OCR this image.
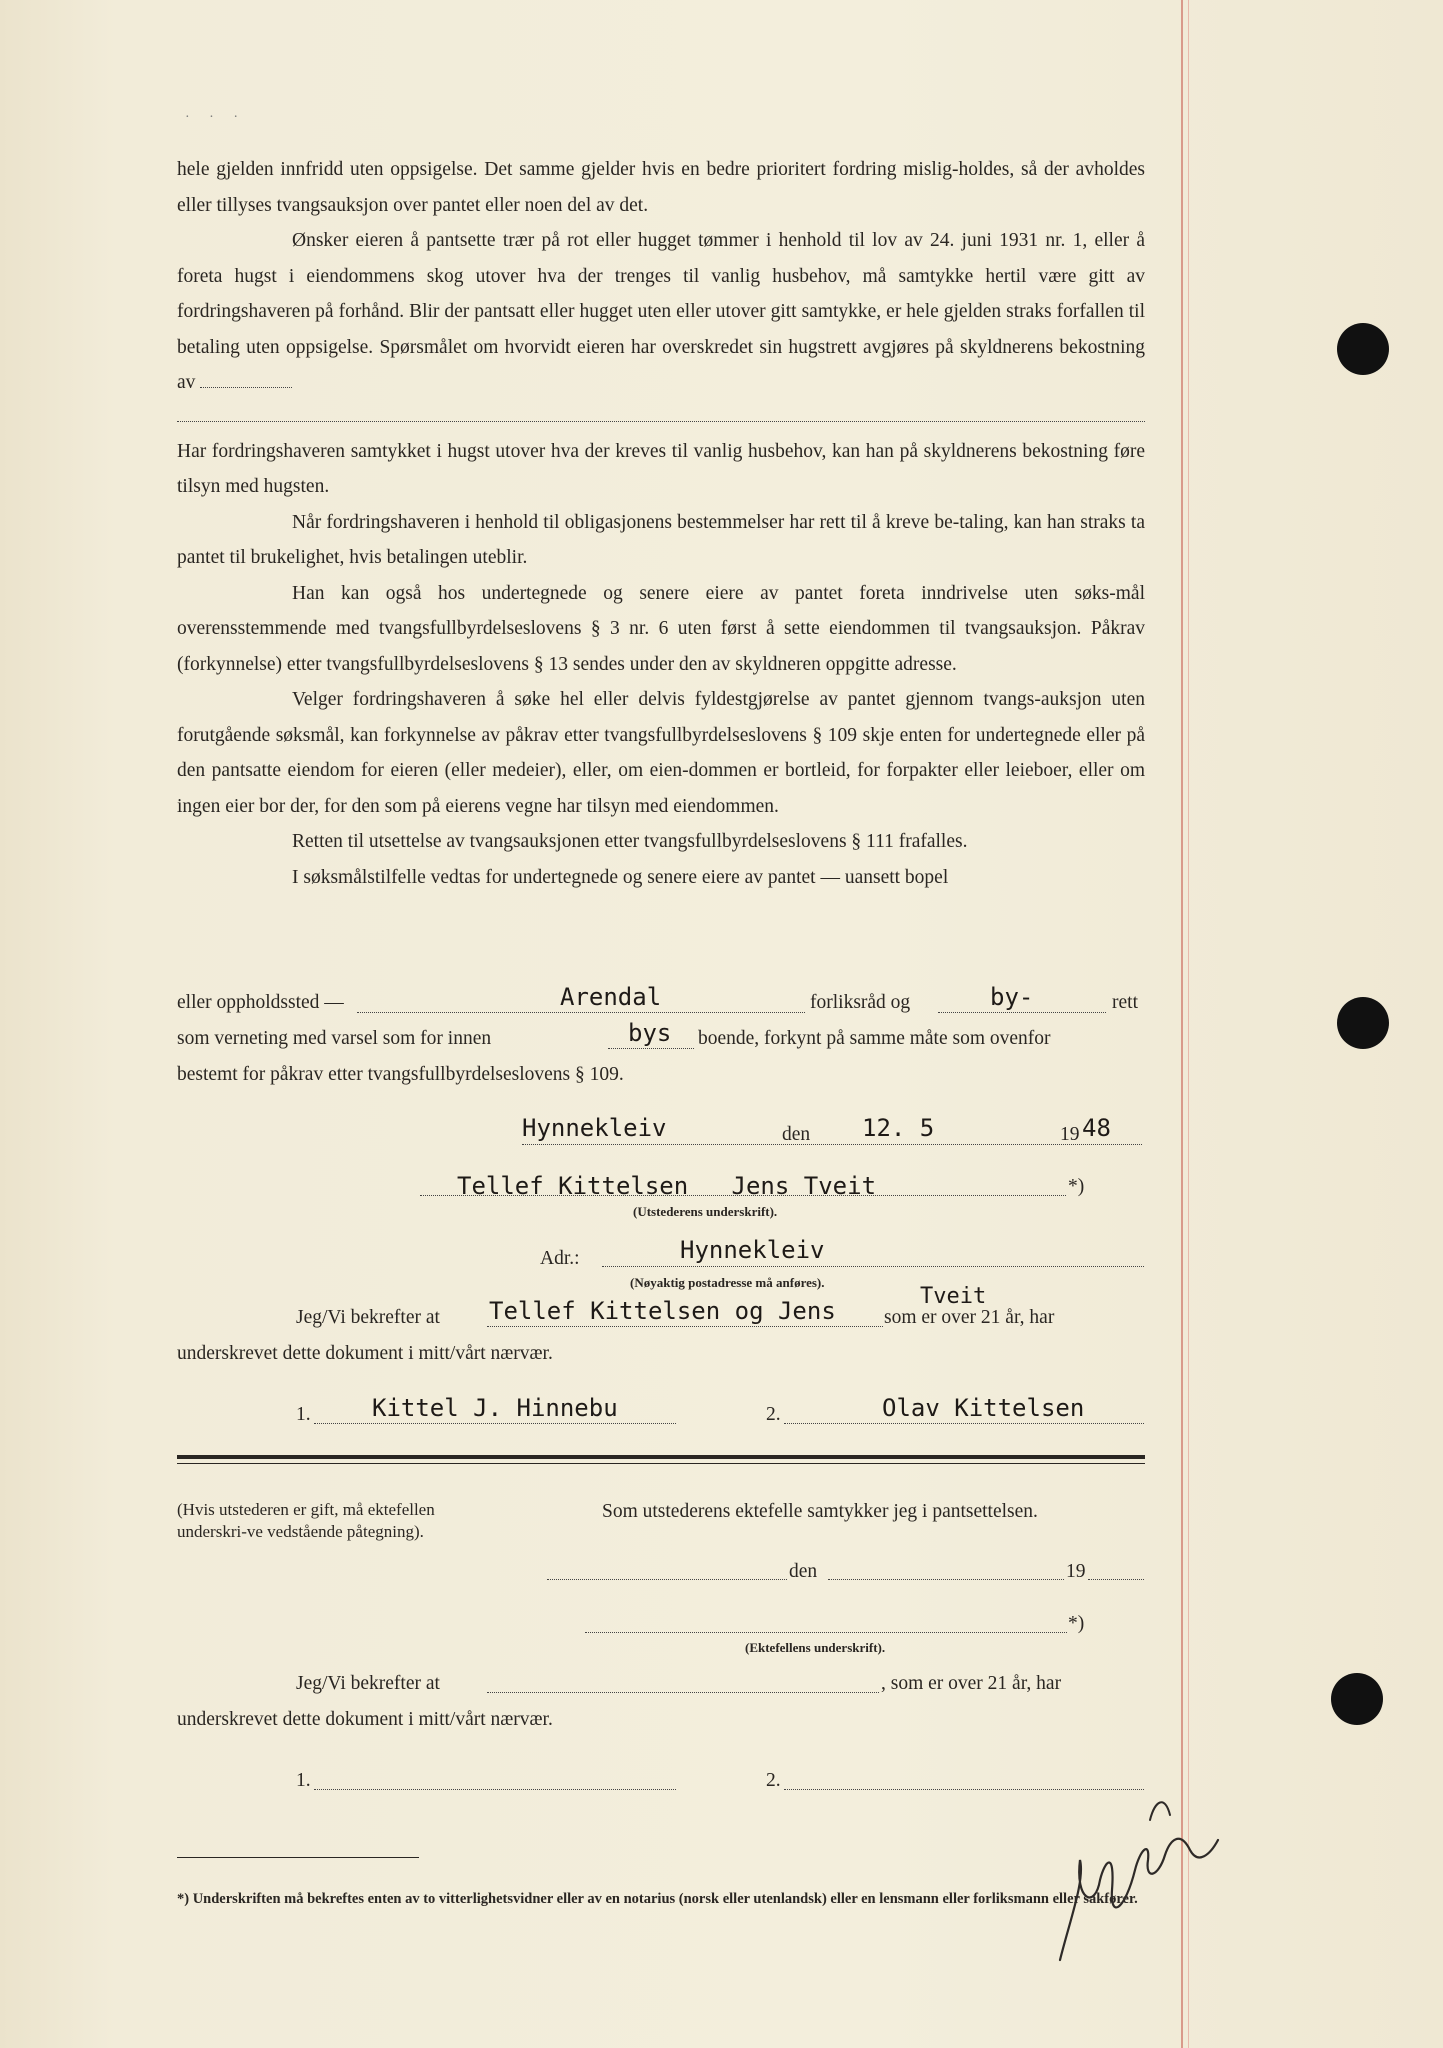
· · ·

hele gjelden innfridd uten oppsigelse. Det samme gjelder hvis en bedre prioritert fordring mislig-holdes, så der avholdes eller tillyses tvangsauksjon over pantet eller noen del av det.

Ønsker eieren å pantsette trær på rot eller hugget tømmer i henhold til lov av 24. juni 1931 nr. 1, eller å foreta hugst i eiendommens skog utover hva der trenges til vanlig husbehov, må samtykke hertil være gitt av fordringshaveren på forhånd. Blir der pantsatt eller hugget uten eller utover gitt samtykke, er hele gjelden straks forfallen til betaling uten oppsigelse. Spørsmålet om hvorvidt eieren har overskredet sin hugstrett avgjøres på skyldnerens bekostning av

Har fordringshaveren samtykket i hugst utover hva der kreves til vanlig husbehov, kan han på skyldnerens bekostning føre tilsyn med hugsten.

Når fordringshaveren i henhold til obligasjonens bestemmelser har rett til å kreve be-taling, kan han straks ta pantet til brukelighet, hvis betalingen uteblir.

Han kan også hos undertegnede og senere eiere av pantet foreta inndrivelse uten søks-mål overensstemmende med tvangsfullbyrdelseslovens § 3 nr. 6 uten først å sette eiendommen til tvangsauksjon. Påkrav (forkynnelse) etter tvangsfullbyrdelseslovens § 13 sendes under den av skyldneren oppgitte adresse.

Velger fordringshaveren å søke hel eller delvis fyldestgjørelse av pantet gjennom tvangs-auksjon uten forutgående søksmål, kan forkynnelse av påkrav etter tvangsfullbyrdelseslovens § 109 skje enten for undertegnede eller på den pantsatte eiendom for eieren (eller medeier), eller, om eien-dommen er bortleid, for forpakter eller leieboer, eller om ingen eier bor der, for den som på eierens vegne har tilsyn med eiendommen.

Retten til utsettelse av tvangsauksjonen etter tvangsfullbyrdelseslovens § 111 frafalles.

I søksmålstilfelle vedtas for undertegnede og senere eiere av pantet — uansett bopel

eller oppholdssted —	Arendal	forliksråd og	by-	rett
som verneting med varsel som for innen	bys boende, forkynt på samme måte som ovenfor
bestemt for påkrav etter tvangsfullbyrdelseslovens § 109.
Hynnekleiv	den 12. 5	19 48
Tellef Kittelsen   Jens Tveit	*)
(Utstederens underskrift).
Adr.:	Hynnekleiv
(Nøyaktig postadresse må anføres).
Jeg/Vi bekrefter at Tellef Kittelsen og Jens
Tveit
som er over 21 år, har
underskrevet dette dokument i mitt/vårt nærvær.
1.	Kittel J. Hinnebu	2.	Olav Kittelsen
(Hvis utstederen er gift, må ektefellen underskri-ve vedstående påtegning).
Som utstederens ektefelle samtykker jeg i pantsettelsen.
den	19
*)
(Ektefellens underskrift).
Jeg/Vi bekrefter at	, som er over 21 år, har
underskrevet dette dokument i mitt/vårt nærvær.
1.	2.
*) Underskriften må bekreftes enten av to vitterlighetsvidner eller av en notarius (norsk eller utenlandsk) eller en lensmann eller forliksmann eller sakfører.
